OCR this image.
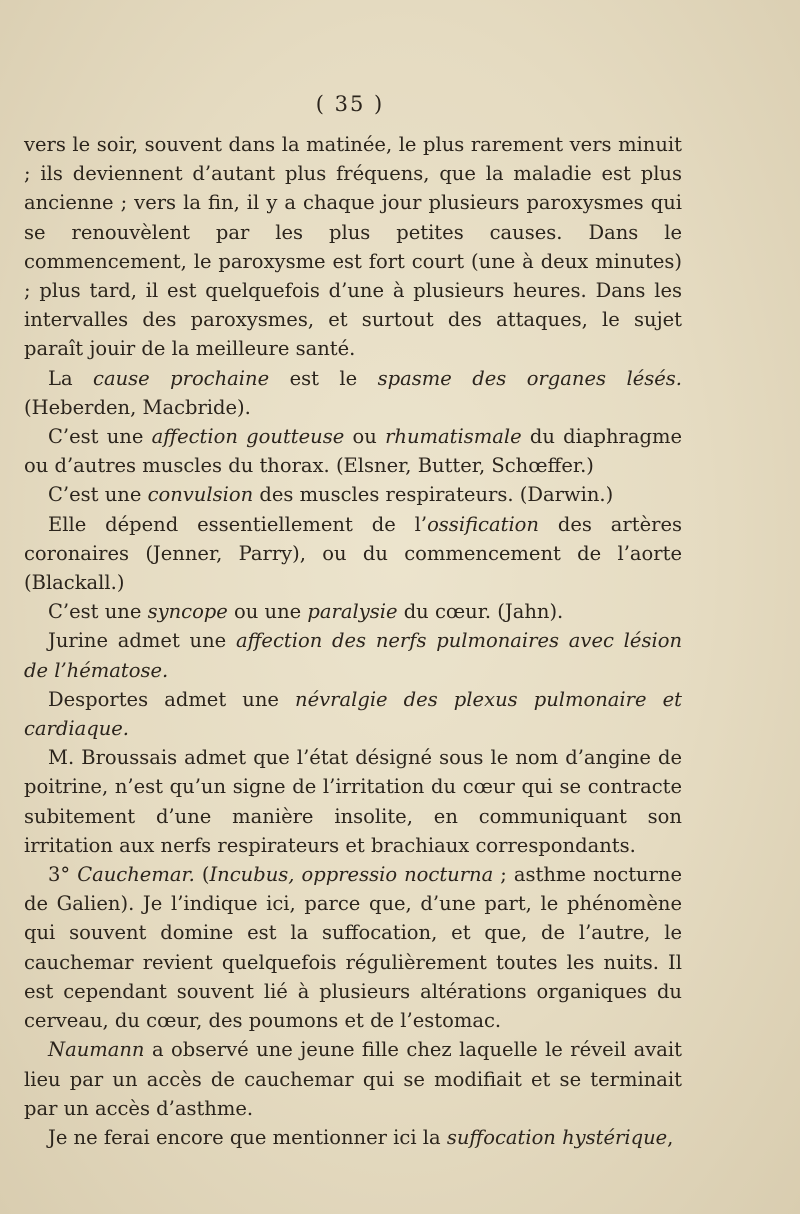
( 35 )

vers le soir, souvent dans la matinée, le plus rarement vers minuit ; ils deviennent d’autant plus fréquens, que la maladie est plus ancienne ; vers la fin, il y a chaque jour plusieurs paroxysmes qui se renouvèlent par les plus petites causes. Dans le commencement, le paroxysme est fort court (une à deux minutes) ; plus tard, il est quelquefois d’une à plusieurs heures. Dans les intervalles des paroxysmes, et surtout des attaques, le sujet paraît jouir de la meilleure santé.

La cause prochaine est le spasme des organes lésés. (Heberden, Macbride).

C’est une affection goutteuse ou rhumatismale du diaphragme ou d’autres muscles du thorax. (Elsner, Butter, Schœffer.)

C’est une convulsion des muscles respirateurs. (Darwin.)

Elle dépend essentiellement de l’ossification des artères coronaires (Jenner, Parry), ou du commencement de l’aorte (Blackall.)

C’est une syncope ou une paralysie du cœur. (Jahn).

Jurine admet une affection des nerfs pulmonaires avec lésion de l’hématose.

Desportes admet une névralgie des plexus pulmonaire et cardiaque.

M. Broussais admet que l’état désigné sous le nom d’angine de poitrine, n’est qu’un signe de l’irritation du cœur qui se contracte subitement d’une manière insolite, en communiquant son irritation aux nerfs respirateurs et brachiaux correspondants.

3° Cauchemar. (Incubus, oppressio nocturna ; asthme nocturne de Galien). Je l’indique ici, parce que, d’une part, le phénomène qui souvent domine est la suffocation, et que, de l’autre, le cauchemar revient quelquefois régulièrement toutes les nuits. Il est cependant souvent lié à plusieurs altérations organiques du cerveau, du cœur, des poumons et de l’estomac.

Naumann a observé une jeune fille chez laquelle le réveil avait lieu par un accès de cauchemar qui se modifiait et se terminait par un accès d’asthme.

Je ne ferai encore que mentionner ici la suffocation hystérique,
